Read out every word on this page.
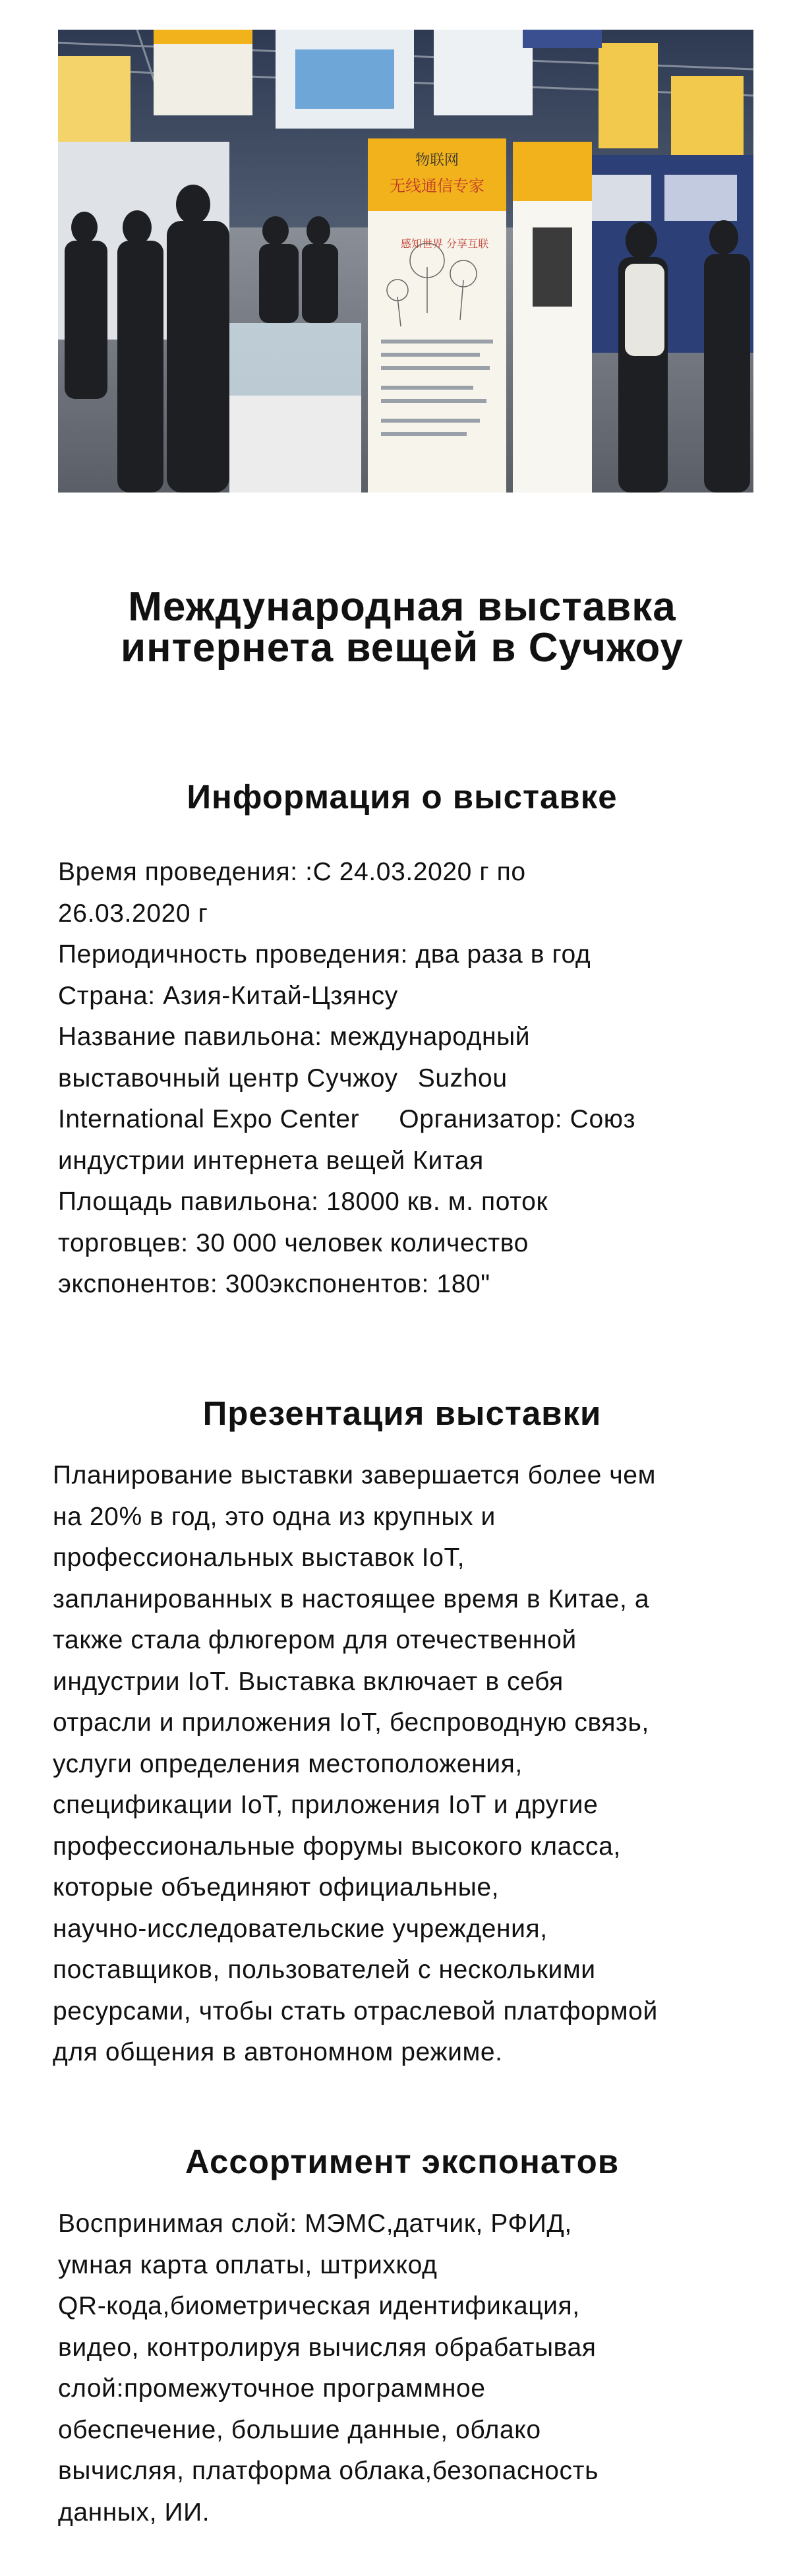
物联网
无线通信专家
感知世界 分享互联
Международная выставка
интернета вещей в Сучжоу
Информация о выставке
Время проведения: :С 24.03.2020 г по
26.03.2020 г
Периодичность проведения: два раза в год
Страна: Азия-Китай-Цзянсу
Название павильона: международный
выставочный центр Сучжоу Suzhou
International Expo Center Организатор: Союз
индустрии интернета вещей Китая
Площадь павильона: 18000 кв. м. поток
торговцев: 30 000 человек количество
экспонентов: 300экспонентов: 180"
Презентация выставки
Планирование выставки завершается более чем
на 20% в год, это одна из крупных и
профессиональных выставок IoT,
запланированных в настоящее время в Китае, а
также стала флюгером для отечественной
индустрии IoT. Выставка включает в себя
отрасли и приложения IoT, беспроводную связь,
услуги определения местоположения,
спецификации IoT, приложения IoT и другие
профессиональные форумы высокого класса,
которые объединяют официальные,
научно-исследовательские учреждения,
поставщиков, пользователей с несколькими
ресурсами, чтобы стать отраслевой платформой
для общения в автономном режиме.
Ассортимент экспонатов
Воспринимая слой: МЭМС,датчик, РФИД,
умная карта оплаты, штрихкод
QR-кода,биометрическая идентификация,
видео, контролируя вычисляя обрабатывая
слой:промежуточное программное
обеспечение, большие данные, облако
вычисляя, платформа облака,безопасность
данных, ИИ.
